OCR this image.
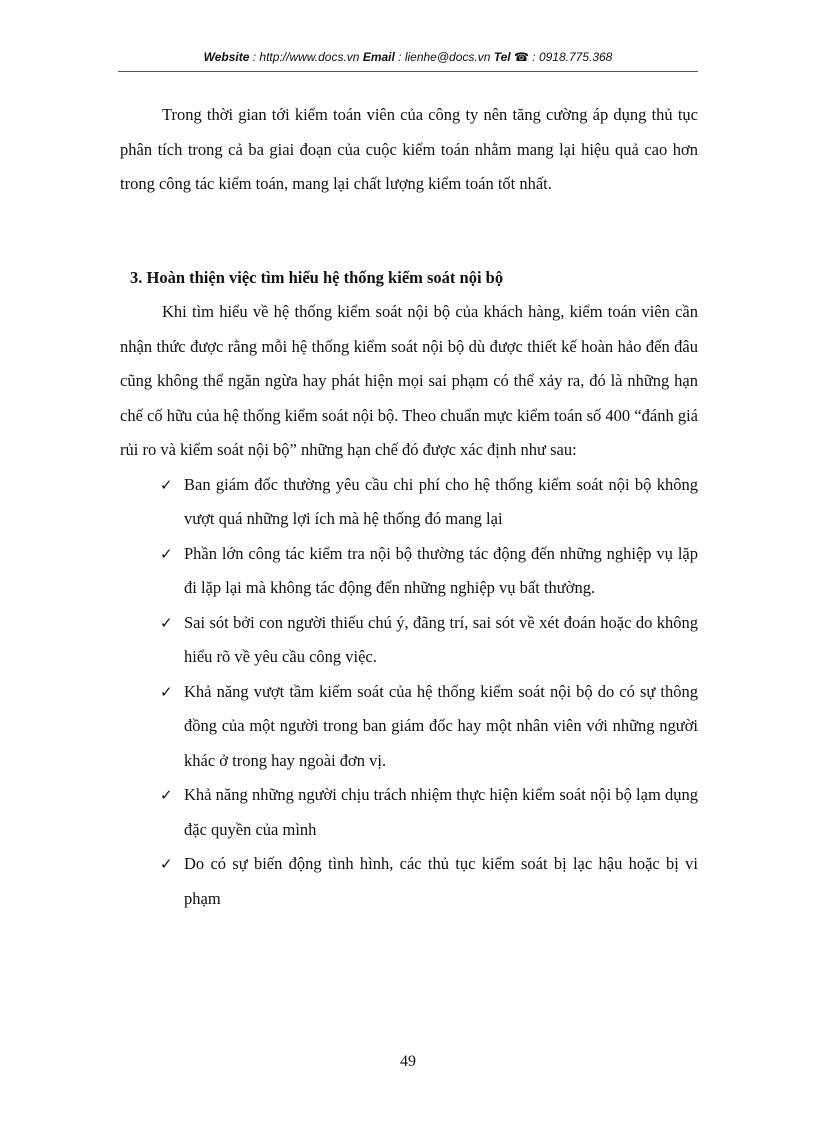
Website : http://www.docs.vn Email : lienhe@docs.vn Tel ☎ : 0918.775.368

Trong thời gian tới kiểm toán viên của công ty nên tăng cường áp dụng thủ tục phân tích trong cả ba giai đoạn của cuộc kiểm toán nhằm mang lại hiệu quả cao hơn trong công tác kiểm toán, mang lại chất lượng kiểm toán tốt nhất.

3. Hoàn thiện việc tìm hiểu hệ thống kiểm soát nội bộ

Khi tìm hiểu về hệ thống kiểm soát nội bộ của khách hàng, kiểm toán viên cần nhận thức được rằng mỗi hệ thống kiểm soát nội bộ dù được thiết kế hoàn hảo đến đâu cũng không thể ngăn ngừa hay phát hiện mọi sai phạm có thể xảy ra, đó là những hạn chế cố hữu của hệ thống kiểm soát nội bộ. Theo chuẩn mực kiểm toán số 400 “đánh giá rủi ro và kiểm soát nội bộ” những hạn chế đó được xác định như sau:

✓ Ban giám đốc thường yêu cầu chi phí cho hệ thống kiểm soát nội bộ không vượt quá những lợi ích mà hệ thống đó mang lại
✓ Phần lớn công tác kiểm tra nội bộ thường tác động đến những nghiệp vụ lặp đi lặp lại mà không tác động đến những nghiệp vụ bất thường.
✓ Sai sót bởi con người thiếu chú ý, đãng trí, sai sót về xét đoán hoặc do không hiểu rõ về yêu cầu công việc.
✓ Khả năng vượt tầm kiểm soát của hệ thống kiểm soát nội bộ do có sự thông đồng của một người trong ban giám đốc hay một nhân viên với những người khác ở trong hay ngoài đơn vị.
✓ Khả năng những người chịu trách nhiệm thực hiện kiểm soát nội bộ lạm dụng đặc quyền của mình
✓ Do có sự biến động tình hình, các thủ tục kiểm soát bị lạc hậu hoặc bị vi phạm
49
